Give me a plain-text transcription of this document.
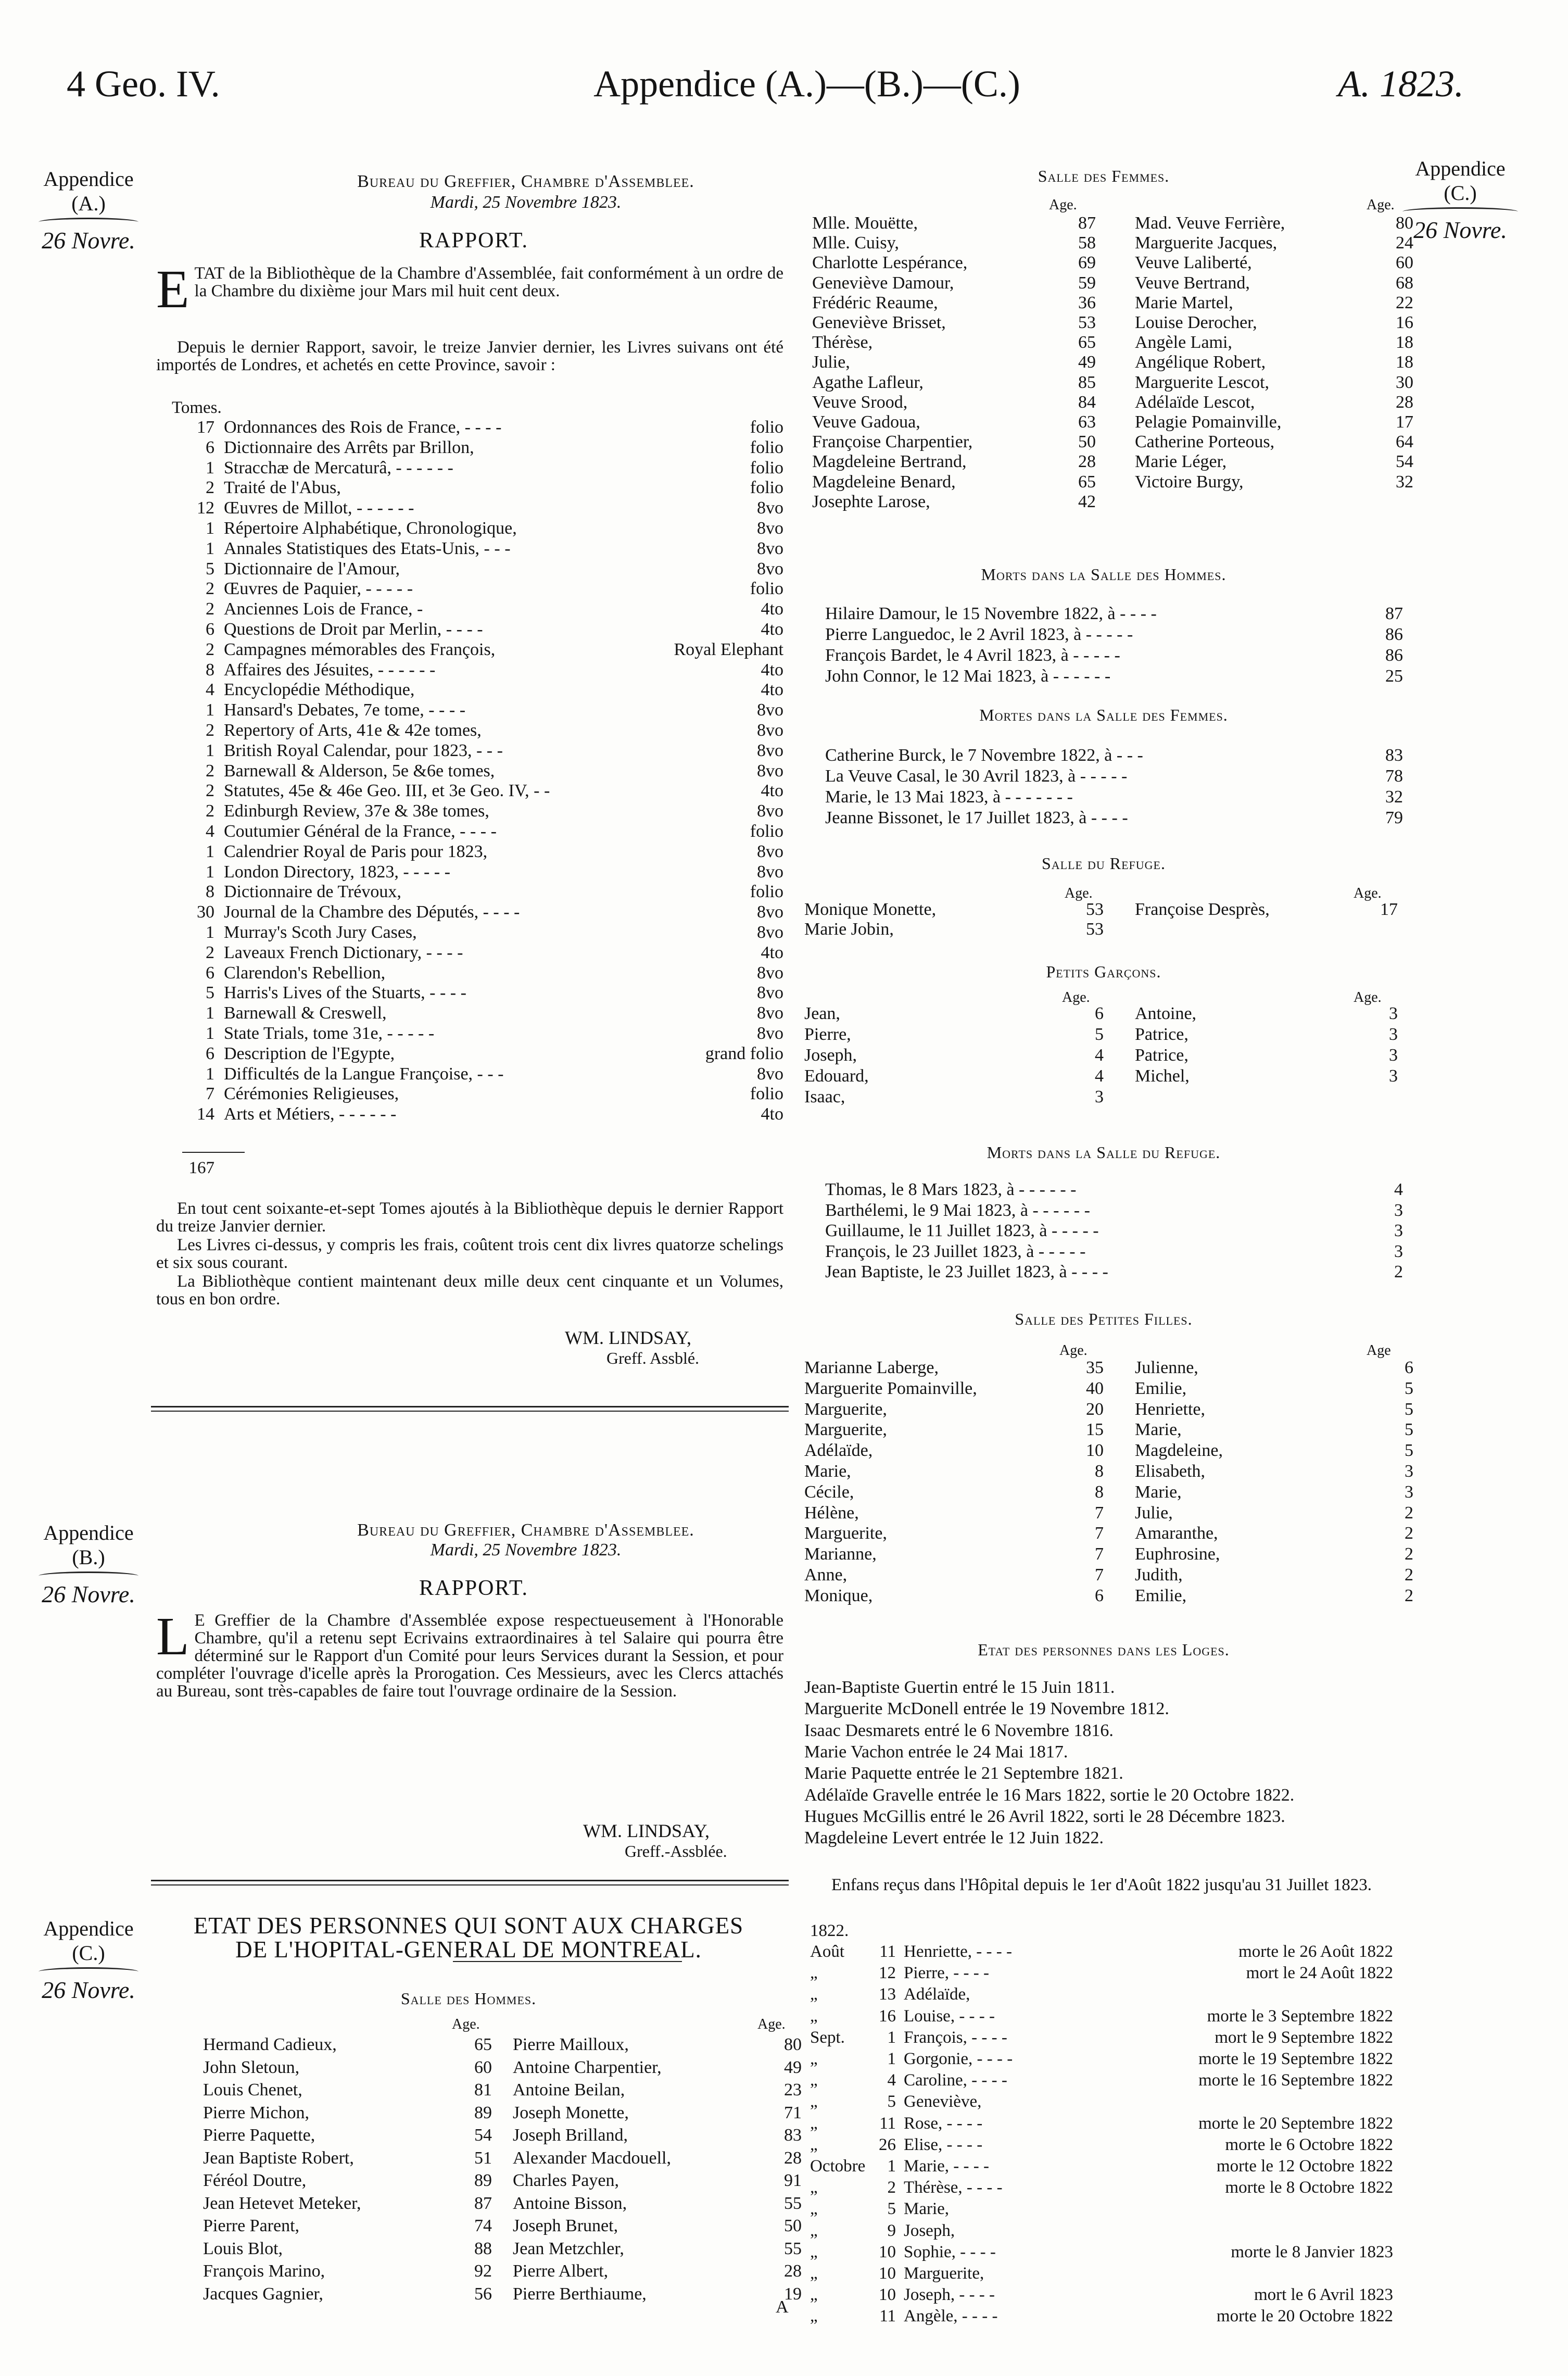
4 Geo. IV.	Appendice (A.)—(B.)—(C.)	A. 1823.
Appendice
(A.)
26 Novre.
Appendice
(C.)
26 Novre.
Appendice
(B.)
26 Novre.
Appendice
(C.)
26 Novre.
Bureau du Greffier, Chambre d'Assemblee.
Mardi, 25 Novembre 1823.
RAPPORT.
ETAT de la Bibliothèque de la Chambre d'Assemblée, fait conformément à un ordre de la Chambre du dixième jour Mars mil huit cent deux.
Depuis le dernier Rapport, savoir, le treize Janvier dernier, les Livres suivans ont été importés de Londres, et achetés en cette Province, savoir :
Tomes.
17 Ordonnances des Rois de France, - - - -	folio
6 Dictionnaire des Arrêts par Brillon,	folio
1 Stracchæ de Mercaturâ, - - - - - -	folio
2 Traité de l'Abus,	folio
12 Œuvres de Millot, - - - - - -	8vo
1 Répertoire Alphabétique, Chronologique,	8vo
1 Annales Statistiques des Etats-Unis, - - -	8vo
5 Dictionnaire de l'Amour,	8vo
2 Œuvres de Paquier, - - - - -	folio
2 Anciennes Lois de France, -	4to
6 Questions de Droit par Merlin, - - - -	4to
2 Campagnes mémorables des François,	Royal Elephant
8 Affaires des Jésuites, - - - - - -	4to
4 Encyclopédie Méthodique,	4to
1 Hansard's Debates, 7e tome, - - - -	8vo
2 Repertory of Arts, 41e & 42e tomes,	8vo
1 British Royal Calendar, pour 1823, - - -	8vo
2 Barnewall & Alderson, 5e &6e tomes,	8vo
2 Statutes, 45e & 46e Geo. III, et 3e Geo. IV, - -	4to
2 Edinburgh Review, 37e & 38e tomes,	8vo
4 Coutumier Général de la France, - - - -	folio
1 Calendrier Royal de Paris pour 1823,	8vo
1 London Directory, 1823, - - - - -	8vo
8 Dictionnaire de Trévoux,	folio
30 Journal de la Chambre des Députés, - - - -	8vo
1 Murray's Scoth Jury Cases,	8vo
2 Laveaux French Dictionary, - - - -	4to
6 Clarendon's Rebellion,	8vo
5 Harris's Lives of the Stuarts, - - - -	8vo
1 Barnewall & Creswell,	8vo
1 State Trials, tome 31e, - - - - -	8vo
6 Description de l'Egypte,	grand folio
1 Difficultés de la Langue Françoise, - - -	8vo
7 Cérémonies Religieuses,	folio
14 Arts et Métiers, - - - - - -	4to
167
En tout cent soixante-et-sept Tomes ajoutés à la Bibliothèque depuis le dernier Rapport du treize Janvier dernier.
Les Livres ci-dessus, y compris les frais, coûtent trois cent dix livres quatorze schelings et six sous courant.
La Bibliothèque contient maintenant deux mille deux cent cinquante et un Volumes, tous en bon ordre.
WM. LINDSAY,
Greff. Assblé.
Bureau du Greffier, Chambre d'Assemblee.
Mardi, 25 Novembre 1823.
RAPPORT.
L E Greffier de la Chambre d'Assemblée expose respectueusement à l'Honorable Chambre, qu'il a retenu sept Ecrivains extraordinaires à tel Salaire qui pourra être déterminé sur le Rapport d'un Comité pour leurs Services durant la Session, et pour compléter l'ouvrage d'icelle après la Prorogation. Ces Messieurs, avec les Clercs attachés au Bureau, sont très-capables de faire tout l'ouvrage ordinaire de la Session.
WM. LINDSAY,
Greff.-Assblée.
ETAT DES PERSONNES QUI SONT AUX CHARGES
DE L'HOPITAL-GENERAL DE MONTREAL.
Salle des Hommes.
Age.	Age.
Hermand Cadieux,	65 Pierre Mailloux,	80
John Sletoun,	60 Antoine Charpentier,	49
Louis Chenet,	81 Antoine Beilan,	23
Pierre Michon,	89 Joseph Monette,	71
Pierre Paquette,	54 Joseph Brilland,	83
Jean Baptiste Robert,	51 Alexander Macdouell,	28
Féréol Doutre,	89 Charles Payen,	91
Jean Hetevet Meteker,	87 Antoine Bisson,	55
Pierre Parent,	74 Joseph Brunet,	50
Louis Blot,	88 Jean Metzchler,	55
François Marino,	92 Pierre Albert,	28
Jacques Gagnier,	56 Pierre Berthiaume,	19
A
Salle des Femmes.
Age.	Age.
Mlle. Mouëtte,	87 Mad. Veuve Ferrière,	80
Mlle. Cuisy,	58 Marguerite Jacques,	24
Charlotte Lespérance,	69 Veuve Laliberté,	60
Geneviève Damour,	59 Veuve Bertrand,	68
Frédéric Reaume,	36 Marie Martel,	22
Geneviève Brisset,	53 Louise Derocher,	16
Thérèse,	65 Angèle Lami,	18
Julie,	49 Angélique Robert,	18
Agathe Lafleur,	85 Marguerite Lescot,	30
Veuve Srood,	84 Adélaïde Lescot,	28
Veuve Gadoua,	63 Pelagie Pomainville,	17
Françoise Charpentier,	50 Catherine Porteous,	64
Magdeleine Bertrand,	28 Marie Léger,	54
Magdeleine Benard,	65 Victoire Burgy,	32
Josephte Larose,	42
Morts dans la Salle des Hommes.
Hilaire Damour, le 15 Novembre 1822, à - - - -	87
Pierre Languedoc, le 2 Avril 1823, à - - - - -	86
François Bardet, le 4 Avril 1823, à - - - - -	86
John Connor, le 12 Mai 1823, à - - - - - -	25
Mortes dans la Salle des Femmes.
Catherine Burck, le 7 Novembre 1822, à - - -	83
La Veuve Casal, le 30 Avril 1823, à - - - - -	78
Marie, le 13 Mai 1823, à - - - - - - -	32
Jeanne Bissonet, le 17 Juillet 1823, à - - - -	79
Salle du Refuge.
Age.	Age.
Monique Monette,	53 Françoise Desprès,	17
Marie Jobin,	53
Petits Garçons.
Age.	Age.
Jean,	6 Antoine,	3
Pierre,	5 Patrice,	3
Joseph,	4 Patrice,	3
Edouard,	4 Michel,	3
Isaac,	3
Morts dans la Salle du Refuge.
Thomas, le 8 Mars 1823, à - - - - - -	4
Barthélemi, le 9 Mai 1823, à - - - - - -	3
Guillaume, le 11 Juillet 1823, à - - - - -	3
François, le 23 Juillet 1823, à - - - - -	3
Jean Baptiste, le 23 Juillet 1823, à - - - -	2
Salle des Petites Filles.
Age.	Age
Marianne Laberge,	35 Julienne,	6
Marguerite Pomainville,	40 Emilie,	5
Marguerite,	20 Henriette,	5
Marguerite,	15 Marie,	5
Adélaïde,	10 Magdeleine,	5
Marie,	8 Elisabeth,	3
Cécile,	8 Marie,	3
Hélène,	7 Julie,	2
Marguerite,	7 Amaranthe,	2
Marianne,	7 Euphrosine,	2
Anne,	7 Judith,	2
Monique,	6 Emilie,	2
Etat des personnes dans les Loges.
Jean-Baptiste Guertin entré le 15 Juin 1811.
Marguerite McDonell entrée le 19 Novembre 1812.
Isaac Desmarets entré le 6 Novembre 1816.
Marie Vachon entrée le 24 Mai 1817.
Marie Paquette entrée le 21 Septembre 1821.
Adélaïde Gravelle entrée le 16 Mars 1822, sortie le 20 Octobre 1822.
Hugues McGillis entré le 26 Avril 1822, sorti le 28 Décembre 1823.
Magdeleine Levert entrée le 12 Juin 1822.
Enfans reçus dans l'Hôpital depuis le 1er d'Août 1822 jusqu'au 31 Juillet 1823.
1822.
Août	11 Henriette, - - - -	morte le 26 Août 1822
„	12 Pierre, - - - -	mort le 24 Août 1822
„	13 Adélaïde,
„	16 Louise, - - - -	morte le 3 Septembre 1822
Sept.	1 François, - - - -	mort le 9 Septembre 1822
„	1 Gorgonie, - - - -	morte le 19 Septembre 1822
„	4 Caroline, - - - -	morte le 16 Septembre 1822
„	5 Geneviève,
„	11 Rose, - - - -	morte le 20 Septembre 1822
„	26 Elise, - - - -	morte le 6 Octobre 1822
Octobre	1 Marie, - - - -	morte le 12 Octobre 1822
„	2 Thérèse, - - - -	morte le 8 Octobre 1822
„	5 Marie,
„	9 Joseph,
„	10 Sophie, - - - -	morte le 8 Janvier 1823
„	10 Marguerite,
„	10 Joseph, - - - -	mort le 6 Avril 1823
„	11 Angèle, - - - -	morte le 20 Octobre 1822
